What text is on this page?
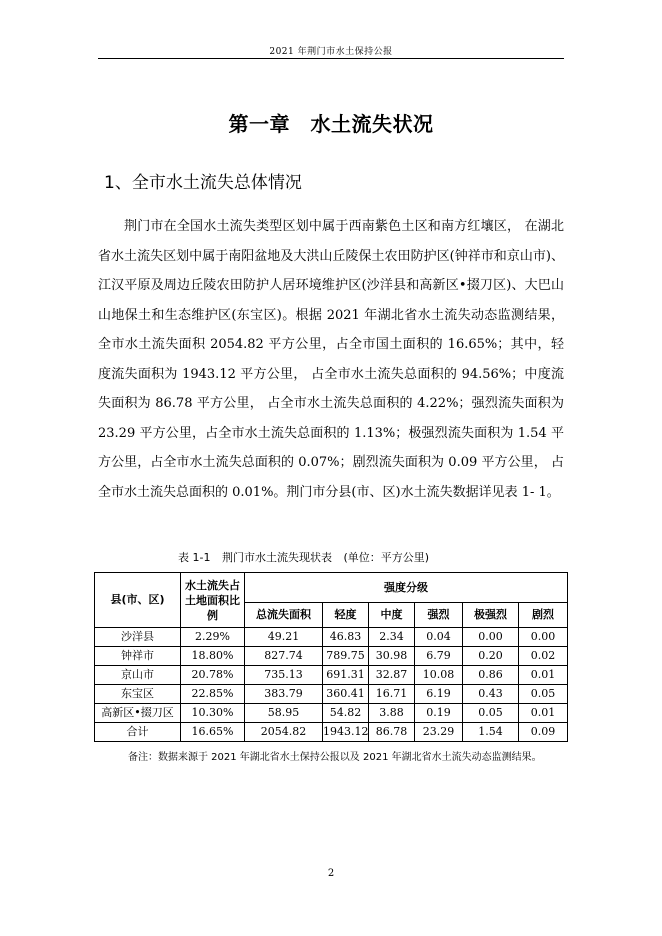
2021 年荆门市水土保持公报
第一章　水土流失状况
1、全市水土流失总体情况
荆门市在全国水土流失类型区划中属于西南紫色土区和南方红壤区， 在湖北省水土流失区划中属于南阳盆地及大洪山丘陵保土农田防护区(钟祥市和京山市)、江汉平原及周边丘陵农田防护人居环境维护区(沙洋县和高新区•掇刀区)、大巴山山地保土和生态维护区(东宝区)。根据 2021 年湖北省水土流失动态监测结果，全市水土流失面积 2054.82 平方公里，占全市国土面积的 16.65%；其中，轻度流失面积为 1943.12 平方公里， 占全市水土流失总面积的 94.56%；中度流失面积为 86.78 平方公里， 占全市水土流失总面积的 4.22%；强烈流失面积为 23.29 平方公里，占全市水土流失总面积的 1.13%；极强烈流失面积为 1.54 平方公里，占全市水土流失总面积的 0.07%；剧烈流失面积为 0.09 平方公里， 占全市水土流失总面积的 0.01%。荆门市分县(市、区)水土流失数据详见表 1- 1。
表 1-1 荆门市水土流失现状表 (单位：平方公里)
县(市、区)	水土流失占土地面积比例	强度分级					
		总流失面积	轻度	中度	强烈	极强烈	剧烈
沙洋县	2.29%	49.21	46.83	2.34	0.04	0.00	0.00
钟祥市	18.80%	827.74	789.75	30.98	6.79	0.20	0.02
京山市	20.78%	735.13	691.31	32.87	10.08	0.86	0.01
东宝区	22.85%	383.79	360.41	16.71	6.19	0.43	0.05
高新区•掇刀区	10.30%	58.95	54.82	3.88	0.19	0.05	0.01
合计	16.65%	2054.82	1943.12	86.78	23.29	1.54	0.09
备注：数据来源于 2021 年湖北省水土保持公报以及 2021 年湖北省水土流失动态监测结果。
2
